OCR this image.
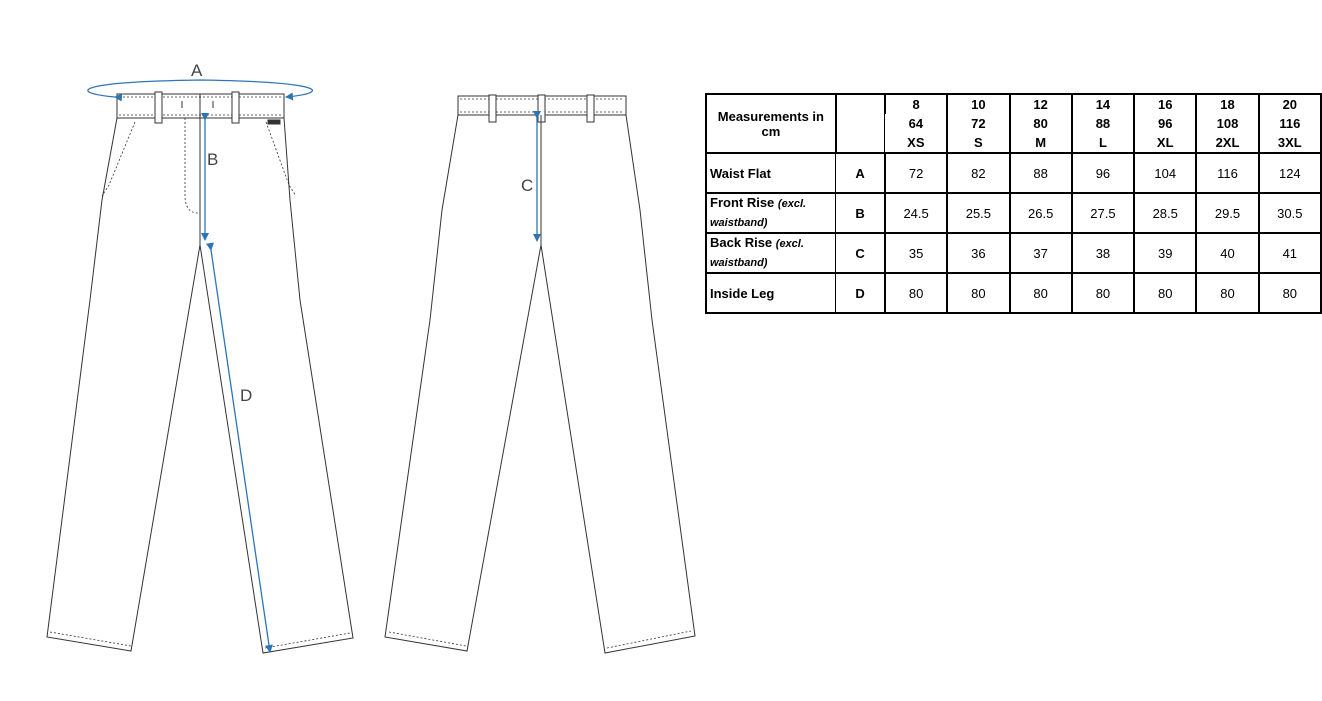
A
B
D
C
Measurements in cm		8	10	12	14	16	18	20
		64	72	80	88	96	108	116
		XS	S	M	L	XL	2XL	3XL
Waist Flat	A	72	82	88	96	104	116	124
Front Rise (excl. waistband)	B	24.5	25.5	26.5	27.5	28.5	29.5	30.5
Back Rise (excl. waistband)	C	35	36	37	38	39	40	41
Inside Leg	D	80	80	80	80	80	80	80
